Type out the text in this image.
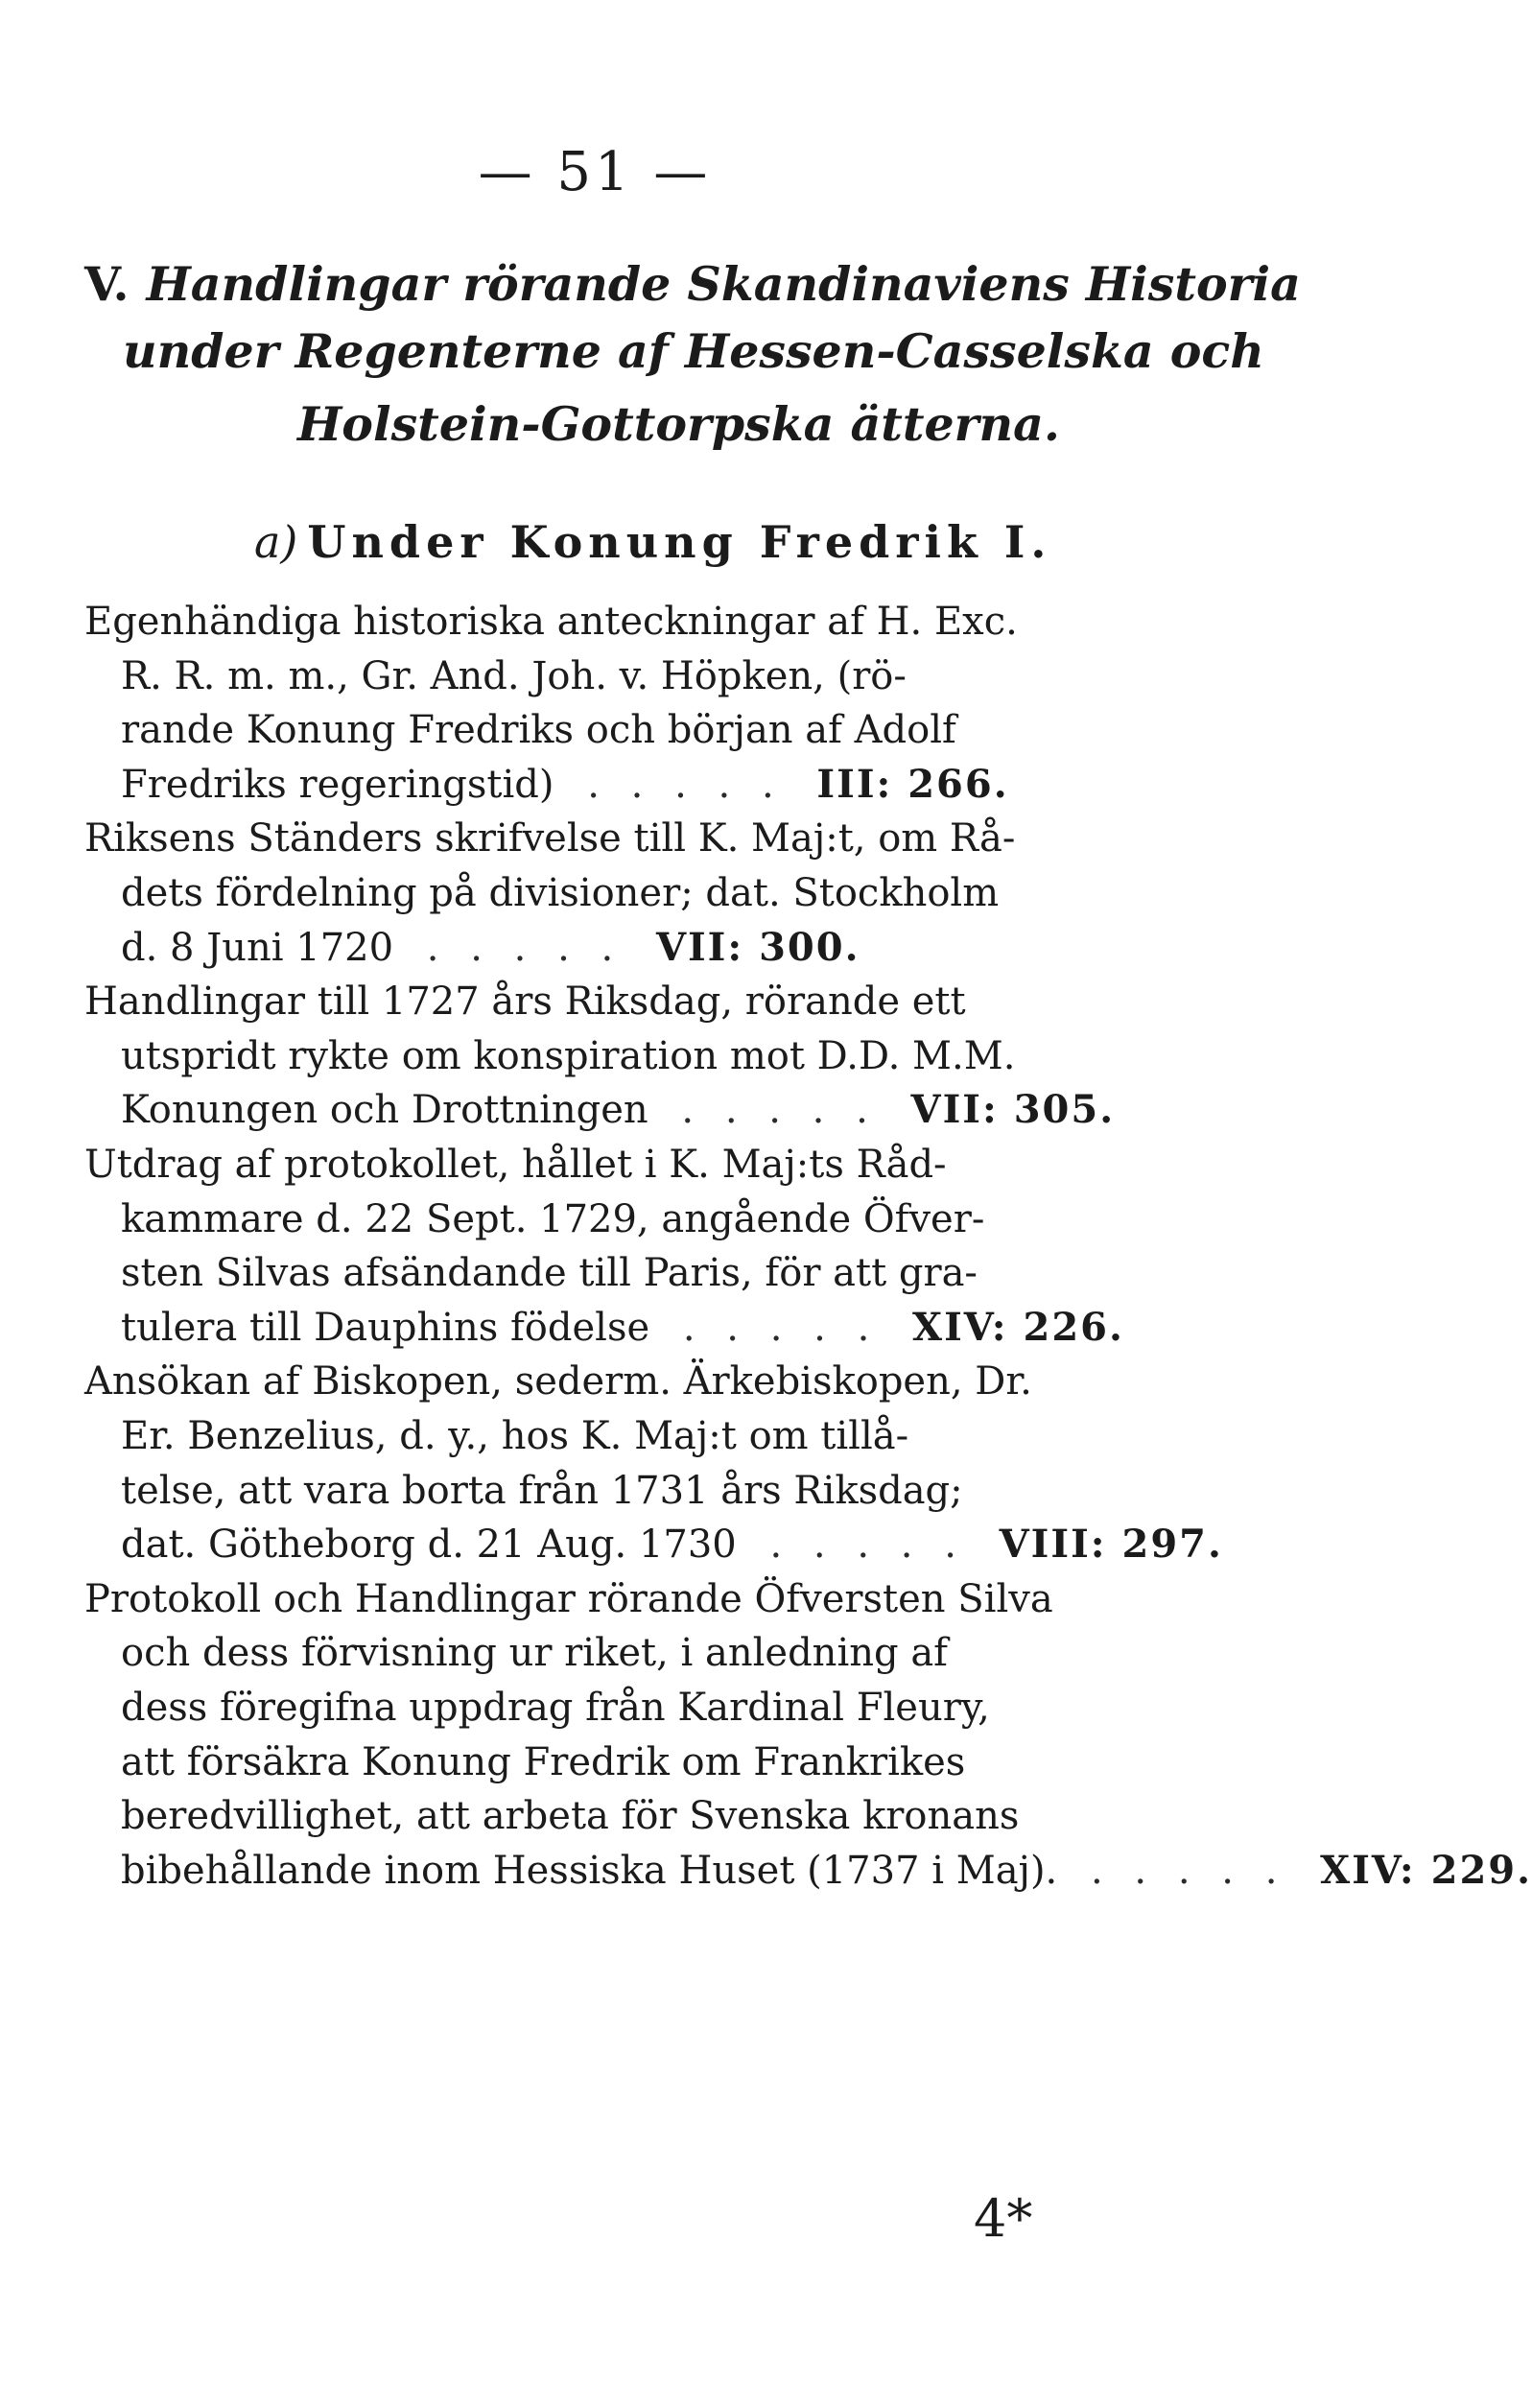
— 51 —
V. Handlingar rörande Skandinaviens Historia
under Regenterne af Hessen-Casselska och
Holstein-Gottorpska ätterna.
a) Under Konung Fredrik I.
Egenhändiga historiska anteckningar af H. Exc.
R. R. m. m., Gr. And. Joh. v. Höpken, (rö-
rande Konung Fredriks och början af Adolf
Fredriks regeringstid) . . . . . III: 266.
Riksens Ständers skrifvelse till K. Maj:t, om Rå-
dets fördelning på divisioner; dat. Stockholm
d. 8 Juni 1720 . . . . . VII: 300.
Handlingar till 1727 års Riksdag, rörande ett
utspridt rykte om konspiration mot D.D. M.M.
Konungen och Drottningen . . . . . VII: 305.
Utdrag af protokollet, hållet i K. Maj:ts Råd-
kammare d. 22 Sept. 1729, angående Öfver-
sten Silvas afsändande till Paris, för att gra-
tulera till Dauphins födelse . . . . . XIV: 226.
Ansökan af Biskopen, sederm. Ärkebiskopen, Dr.
Er. Benzelius, d. y., hos K. Maj:t om tillå-
telse, att vara borta från 1731 års Riksdag;
dat. Götheborg d. 21 Aug. 1730 . . . . . VIII: 297.
Protokoll och Handlingar rörande Öfversten Silva
och dess förvisning ur riket, i anledning af
dess föregifna uppdrag från Kardinal Fleury,
att försäkra Konung Fredrik om Frankrikes
beredvillighet, att arbeta för Svenska kronans
bibehållande inom Hessiska Huset (1737 i Maj). . . . . . XIV: 229.
4*
